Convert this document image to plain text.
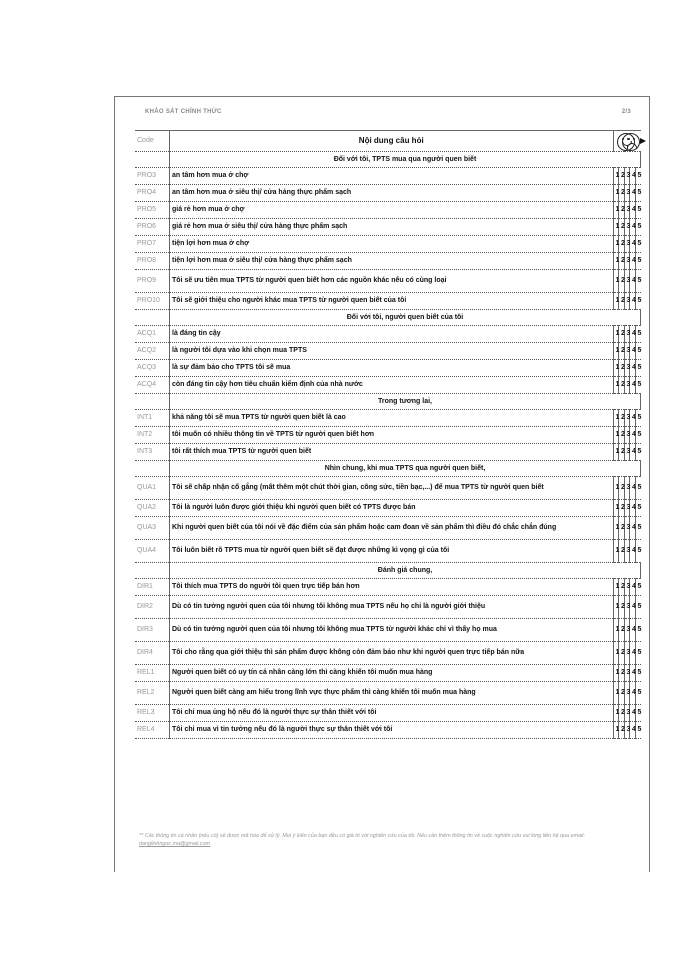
KHẢO SÁT CHÍNH THỨC	2/3
Code	Nội dung câu hỏi					

	Đối với tôi, TPTS mua qua người quen biết					
PRO3	an tâm hơn mua ở chợ	1	2	3	4	5
PRO4	an tâm hơn mua ở siêu thị/ cửa hàng thực phẩm sạch	1	2	3	4	5
PRO5	giá rẻ hơn mua ở chợ	1	2	3	4	5
PRO6	giá rẻ hơn mua ở siêu thị/ cửa hàng thực phẩm sạch	1	2	3	4	5
PRO7	tiện lợi hơn mua ở chợ	1	2	3	4	5
PRO8	tiện lợi hơn mua ở siêu thị/ cửa hàng thực phẩm sạch	1	2	3	4	5
PRO9	Tôi sẽ ưu tiên mua TPTS từ người quen biết hơn các nguồn khác nếu có cùng loại	1	2	3	4	5
PRO10	Tôi sẽ giới thiệu cho người khác mua TPTS từ người quen biết của tôi	1	2	3	4	5
	Đối với tôi, người quen biết của tôi					
ACQ1	là đáng tin cậy	1	2	3	4	5
ACQ2	là người tôi dựa vào khi chọn mua TPTS	1	2	3	4	5
ACQ3	là sự đảm bảo cho TPTS tôi sẽ mua	1	2	3	4	5
ACQ4	còn đáng tin cậy hơn tiêu chuẩn kiểm định của nhà nước	1	2	3	4	5
	Trong tương lai,					
INT1	khả năng tôi sẽ mua TPTS từ người quen biết là cao	1	2	3	4	5
INT2	tôi muốn có nhiều thông tin về TPTS từ người quen biết hơn	1	2	3	4	5
INT3	tôi rất thích mua TPTS từ người quen biết	1	2	3	4	5
	Nhìn chung, khi mua TPTS qua người quen biết,					
QUA1	Tôi sẽ chấp nhận cố gắng (mất thêm một chút thời gian, công sức, tiền bạc,...) để mua TPTS từ người quen biết	1	2	3	4	5
QUA2	Tôi là người luôn được giới thiệu khi người quen biết có TPTS được bán	1	2	3	4	5
QUA3	Khi người quen biết của tôi nói về đặc điểm của sản phẩm hoặc cam đoan về sản phẩm thì điều đó chắc chắn đúng	1	2	3	4	5
QUA4	Tôi luôn biết rõ TPTS mua từ người quen biết sẽ đạt được những kì vọng gì của tôi	1	2	3	4	5
	Đánh giá chung,					
DIR1	Tôi thích mua TPTS do người tôi quen trực tiếp bán hơn	1	2	3	4	5
DIR2	Dù có tin tưởng người quen của tôi nhưng tôi không mua TPTS nếu họ chỉ là người giới thiệu	1	2	3	4	5
DIR3	Dù có tin tưởng người quen của tôi nhưng tôi không mua TPTS từ người khác chỉ vì thấy họ mua	1	2	3	4	5
DIR4	Tôi cho rằng qua giới thiệu thì sản phẩm được không còn đảm bảo như khi người quen trực tiếp bán nữa	1	2	3	4	5
REL1	Người quen biết có uy tín cá nhân càng lớn thì càng khiến tôi muốn mua hàng	1	2	3	4	5
REL2	Người quen biết càng am hiểu trong lĩnh vực thực phẩm thì càng khiến tôi muốn mua hàng	1	2	3	4	5
REL3	Tôi chỉ mua ủng hộ nếu đó là người thực sự thân thiết với tôi	1	2	3	4	5
REL4	Tôi chỉ mua vì tin tưởng nếu đó là người thực sự thân thiết với tôi	1	2	3	4	5
** Các thông tin cá nhân (nếu có) sẽ được mã hóa để xử lý. Mọi ý kiến của bạn đều có giá trị với nghiên cứu của tôi. Nếu cần thêm thông tin về cuộc nghiên cứu vui lòng liên hệ qua email: danglinhngoc.ma@gmail.com
